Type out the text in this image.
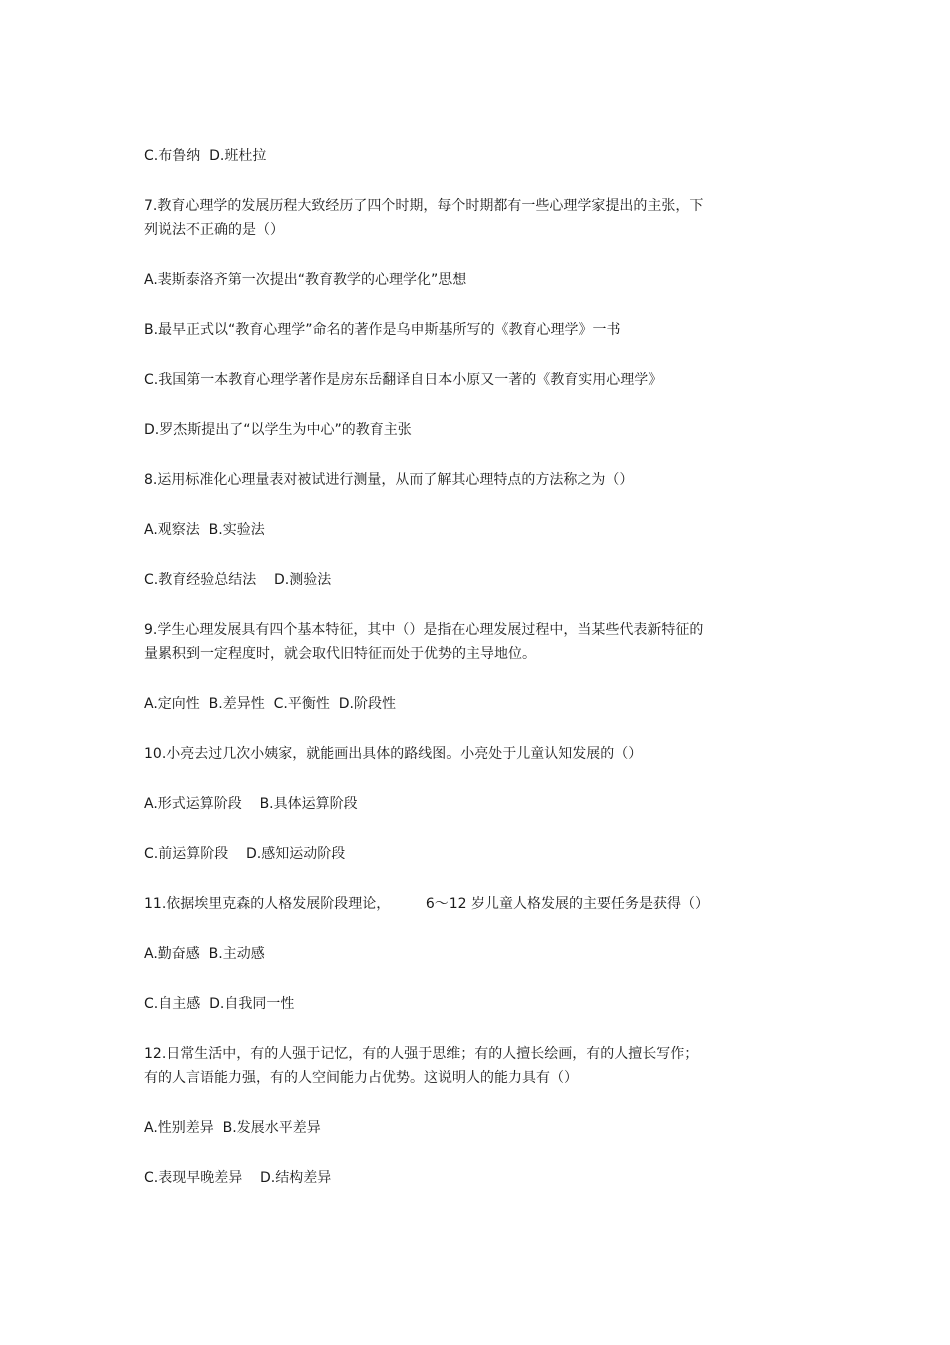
C.布鲁纳  D.班杜拉
7.教育心理学的发展历程大致经历了四个时期，每个时期都有一些心理学家提出的主张，下
列说法不正确的是（）
A.裴斯泰洛齐第一次提出“教育教学的心理学化”思想
B.最早正式以“教育心理学”命名的著作是乌申斯基所写的《教育心理学》一书
C.我国第一本教育心理学著作是房东岳翻译自日本小原又一著的《教育实用心理学》
D.罗杰斯提出了“以学生为中心”的教育主张
8.运用标准化心理量表对被试进行测量，从而了解其心理特点的方法称之为（）
A.观察法  B.实验法
C.教育经验总结法    D.测验法
9.学生心理发展具有四个基本特征，其中（）是指在心理发展过程中，当某些代表新特征的
量累积到一定程度时，就会取代旧特征而处于优势的主导地位。
A.定向性  B.差异性  C.平衡性  D.阶段性
10.小亮去过几次小姨家，就能画出具体的路线图。小亮处于儿童认知发展的（）
A.形式运算阶段    B.具体运算阶段
C.前运算阶段    D.感知运动阶段
11.依据埃里克森的人格发展阶段理论，        6～12 岁儿童人格发展的主要任务是获得（）
A.勤奋感  B.主动感
C.自主感  D.自我同一性
12.日常生活中，有的人强于记忆，有的人强于思维；有的人擅长绘画，有的人擅长写作；
有的人言语能力强，有的人空间能力占优势。这说明人的能力具有（）
A.性别差异  B.发展水平差异
C.表现早晚差异    D.结构差异
